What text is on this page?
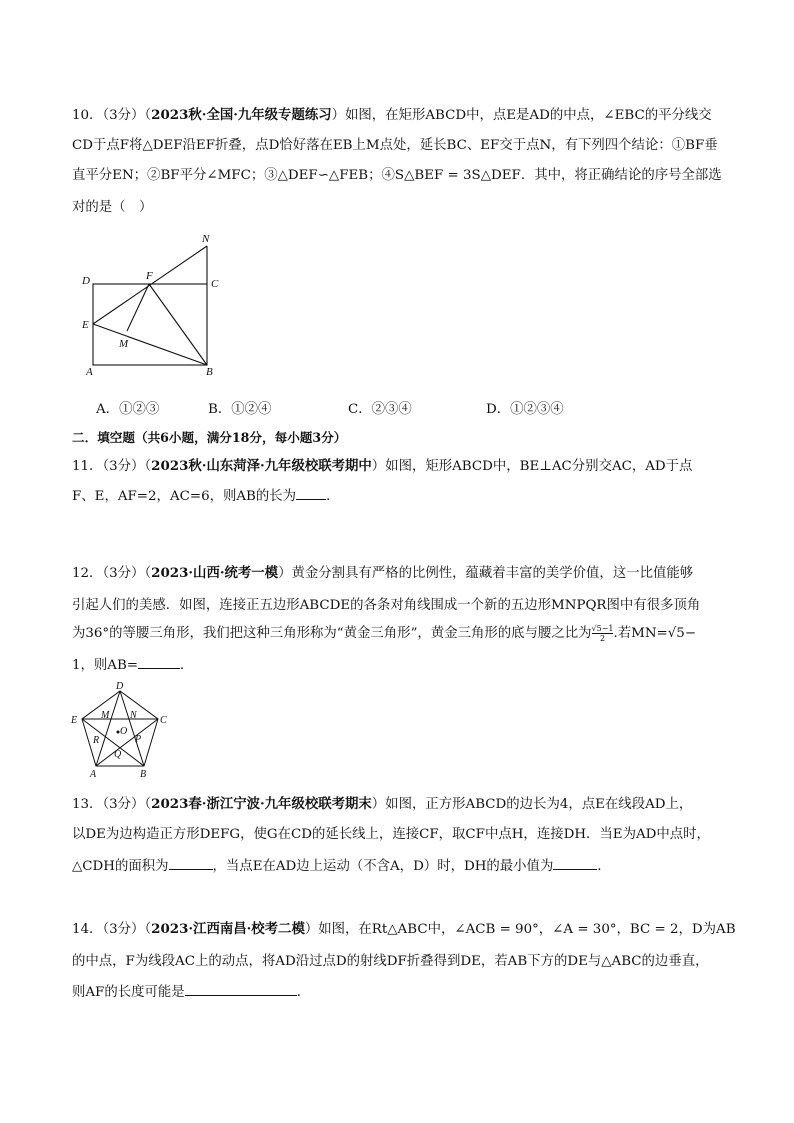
10．（3分）（2023秋·全国·九年级专题练习）如图，在矩形ABCD中，点E是AD的中点，∠EBC的平分线交
CD于点F将△DEF沿EF折叠，点D恰好落在EB上M点处，延长BC、EF交于点N，有下列四个结论：①BF垂
直平分EN；②BF平分∠MFC；③△DEF∽△FEB；④S△BEF = 3S△DEF．其中，将正确结论的序号全部选
对的是（　）
N
D	F
C
E
M
A	B
A．①②③	B．①②④	C．②③④	D．①②③④
二．填空题（共6小题，满分18分，每小题3分）
11．（3分）（2023秋·山东菏泽·九年级校联考期中）如图，矩形ABCD中，BE⊥AC分别交AC，AD于点
F、E，AF=2，AC=6，则AB的长为 ．
12．（3分）（2023·山西·统考一模）黄金分割具有严格的比例性，蕴藏着丰富的美学价值，这一比值能够
引起人们的美感．如图，连接正五边形ABCDE的各条对角线围成一个新的五边形MNPQR图中有很多顶角
为36°的等腰三角形，我们把这种三角形称为“黄金三角形”，黄金三角形的底与腰之比为 $\frac{√5-1}{2}$ .若MN=√5−
1，则AB=	．
D
E	C
A	B
M N
P
Q
R
O
13．（3分）（2023春·浙江宁波·九年级校联考期末）如图，正方形ABCD的边长为4，点E在线段AD上，
以DE为边构造正方形DEFG，使G在CD的延长线上，连接CF，取CF中点H，连接DH．当E为AD中点时，
△CDH的面积为	，当点E在AD边上运动（不含A，D）时，DH的最小值为	．
14．（3分）（2023·江西南昌·校考二模）如图，在Rt△ABC中，∠ACB = 90°，∠A = 30°，BC = 2，D为AB
的中点，F为线段AC上的动点，将AD沿过点D的射线DF折叠得到DE，若AB下方的DE与△ABC的边垂直，
则AF的长度可能是	．
